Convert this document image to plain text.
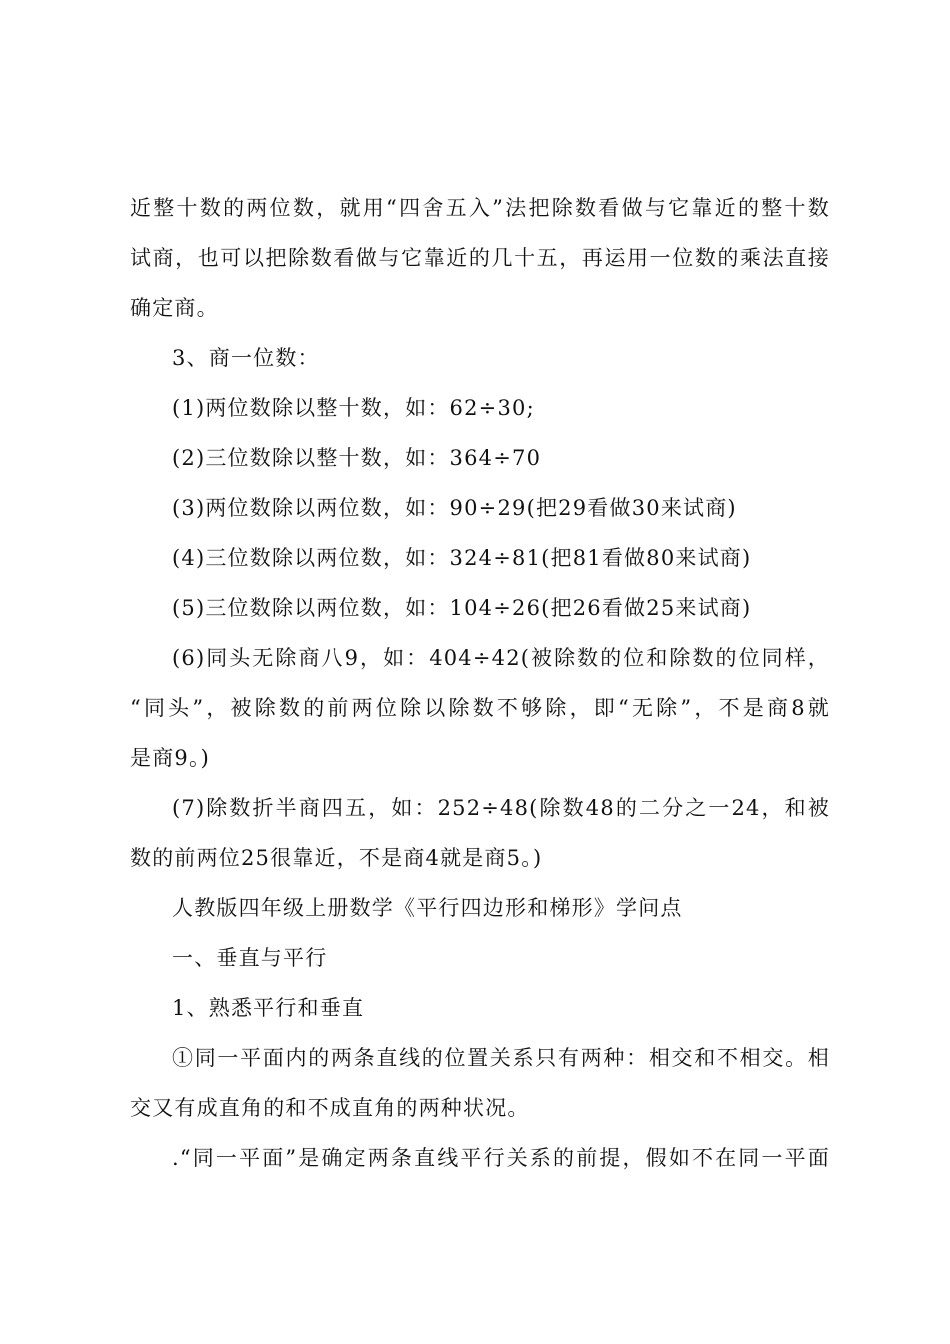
近整十数的两位数，就用“四舍五入”法把除数看做与它靠近的整十数
试商，也可以把除数看做与它靠近的几十五，再运用一位数的乘法直接
确定商。
3、商一位数：
(1)两位数除以整十数，如：62÷30;
(2)三位数除以整十数，如：364÷70
(3)两位数除以两位数，如：90÷29(把29看做30来试商)
(4)三位数除以两位数，如：324÷81(把81看做80来试商)
(5)三位数除以两位数，如：104÷26(把26看做25来试商)
(6)同头无除商八9，如：404÷42(被除数的位和除数的位同样，
“同头”，被除数的前两位除以除数不够除，即“无除”，不是商8就
是商9。)
(7)除数折半商四五，如：252÷48(除数48的二分之一24，和被
数的前两位25很靠近，不是商4就是商5。)
人教版四年级上册数学《平行四边形和梯形》学问点
一、垂直与平行
1、熟悉平行和垂直
①同一平面内的两条直线的位置关系只有两种：相交和不相交。相
交又有成直角的和不成直角的两种状况。
.“同一平面”是确定两条直线平行关系的前提，假如不在同一平面
